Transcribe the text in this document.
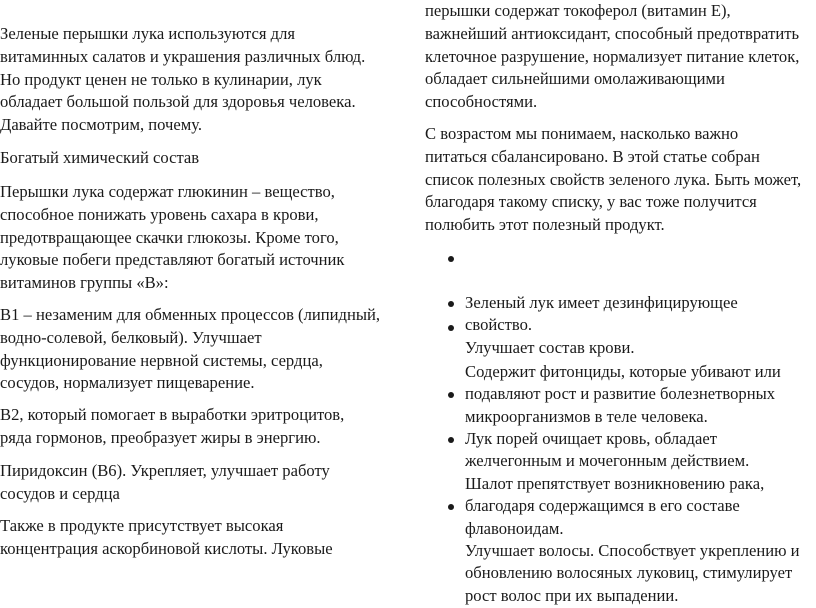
Зеленые перышки лука используются для
витаминных салатов и украшения различных блюд.
Но продукт ценен не только в кулинарии, лук
обладает большой пользой для здоровья человека.
Давайте посмотрим, почему.

Богатый химический состав

Перышки лука содержат глюкинин – вещество,
способное понижать уровень сахара в крови,
предотвращающее скачки глюкозы. Кроме того,
луковые побеги представляют богатый источник
витаминов группы «В»:

В1 – незаменим для обменных процессов (липидный,
водно-солевой, белковый). Улучшает
функционирование нервной системы, сердца,
сосудов, нормализует пищеварение.

В2, который помогает в выработки эритроцитов,
ряда гормонов, преобразует жиры в энергию.

Пиридоксин (В6). Укрепляет, улучшает работу
сосудов и сердца

Также в продукте присутствует высокая
концентрация аскорбиновой кислоты. Луковые

перышки содержат токоферол (витамин Е),
важнейший антиоксидант, способный предотвратить
клеточное разрушение, нормализует питание клеток,
обладает сильнейшими омолаживающими
способностями.

С возрастом мы понимаем, насколько важно
питаться сбалансировано. В этой статье собран
список полезных свойств зеленого лука. Быть может,
благодаря такому списку, у вас тоже получится
полюбить этот полезный продукт.

Зеленый лук имеет дезинфицирующее
свойство.

Улучшает состав крови.

Содержит фитонциды, которые убивают или
подавляют рост и развитие болезнетворных
микроорганизмов в теле человека.

Лук порей очищает кровь, обладает
желчегонным и мочегонным действием.

Шалот препятствует возникновению рака,
благодаря содержащимся в его составе
флавоноидам.

Улучшает волосы. Способствует укреплению и
обновлению волосяных луковиц, стимулирует
рост волос при их выпадении.
